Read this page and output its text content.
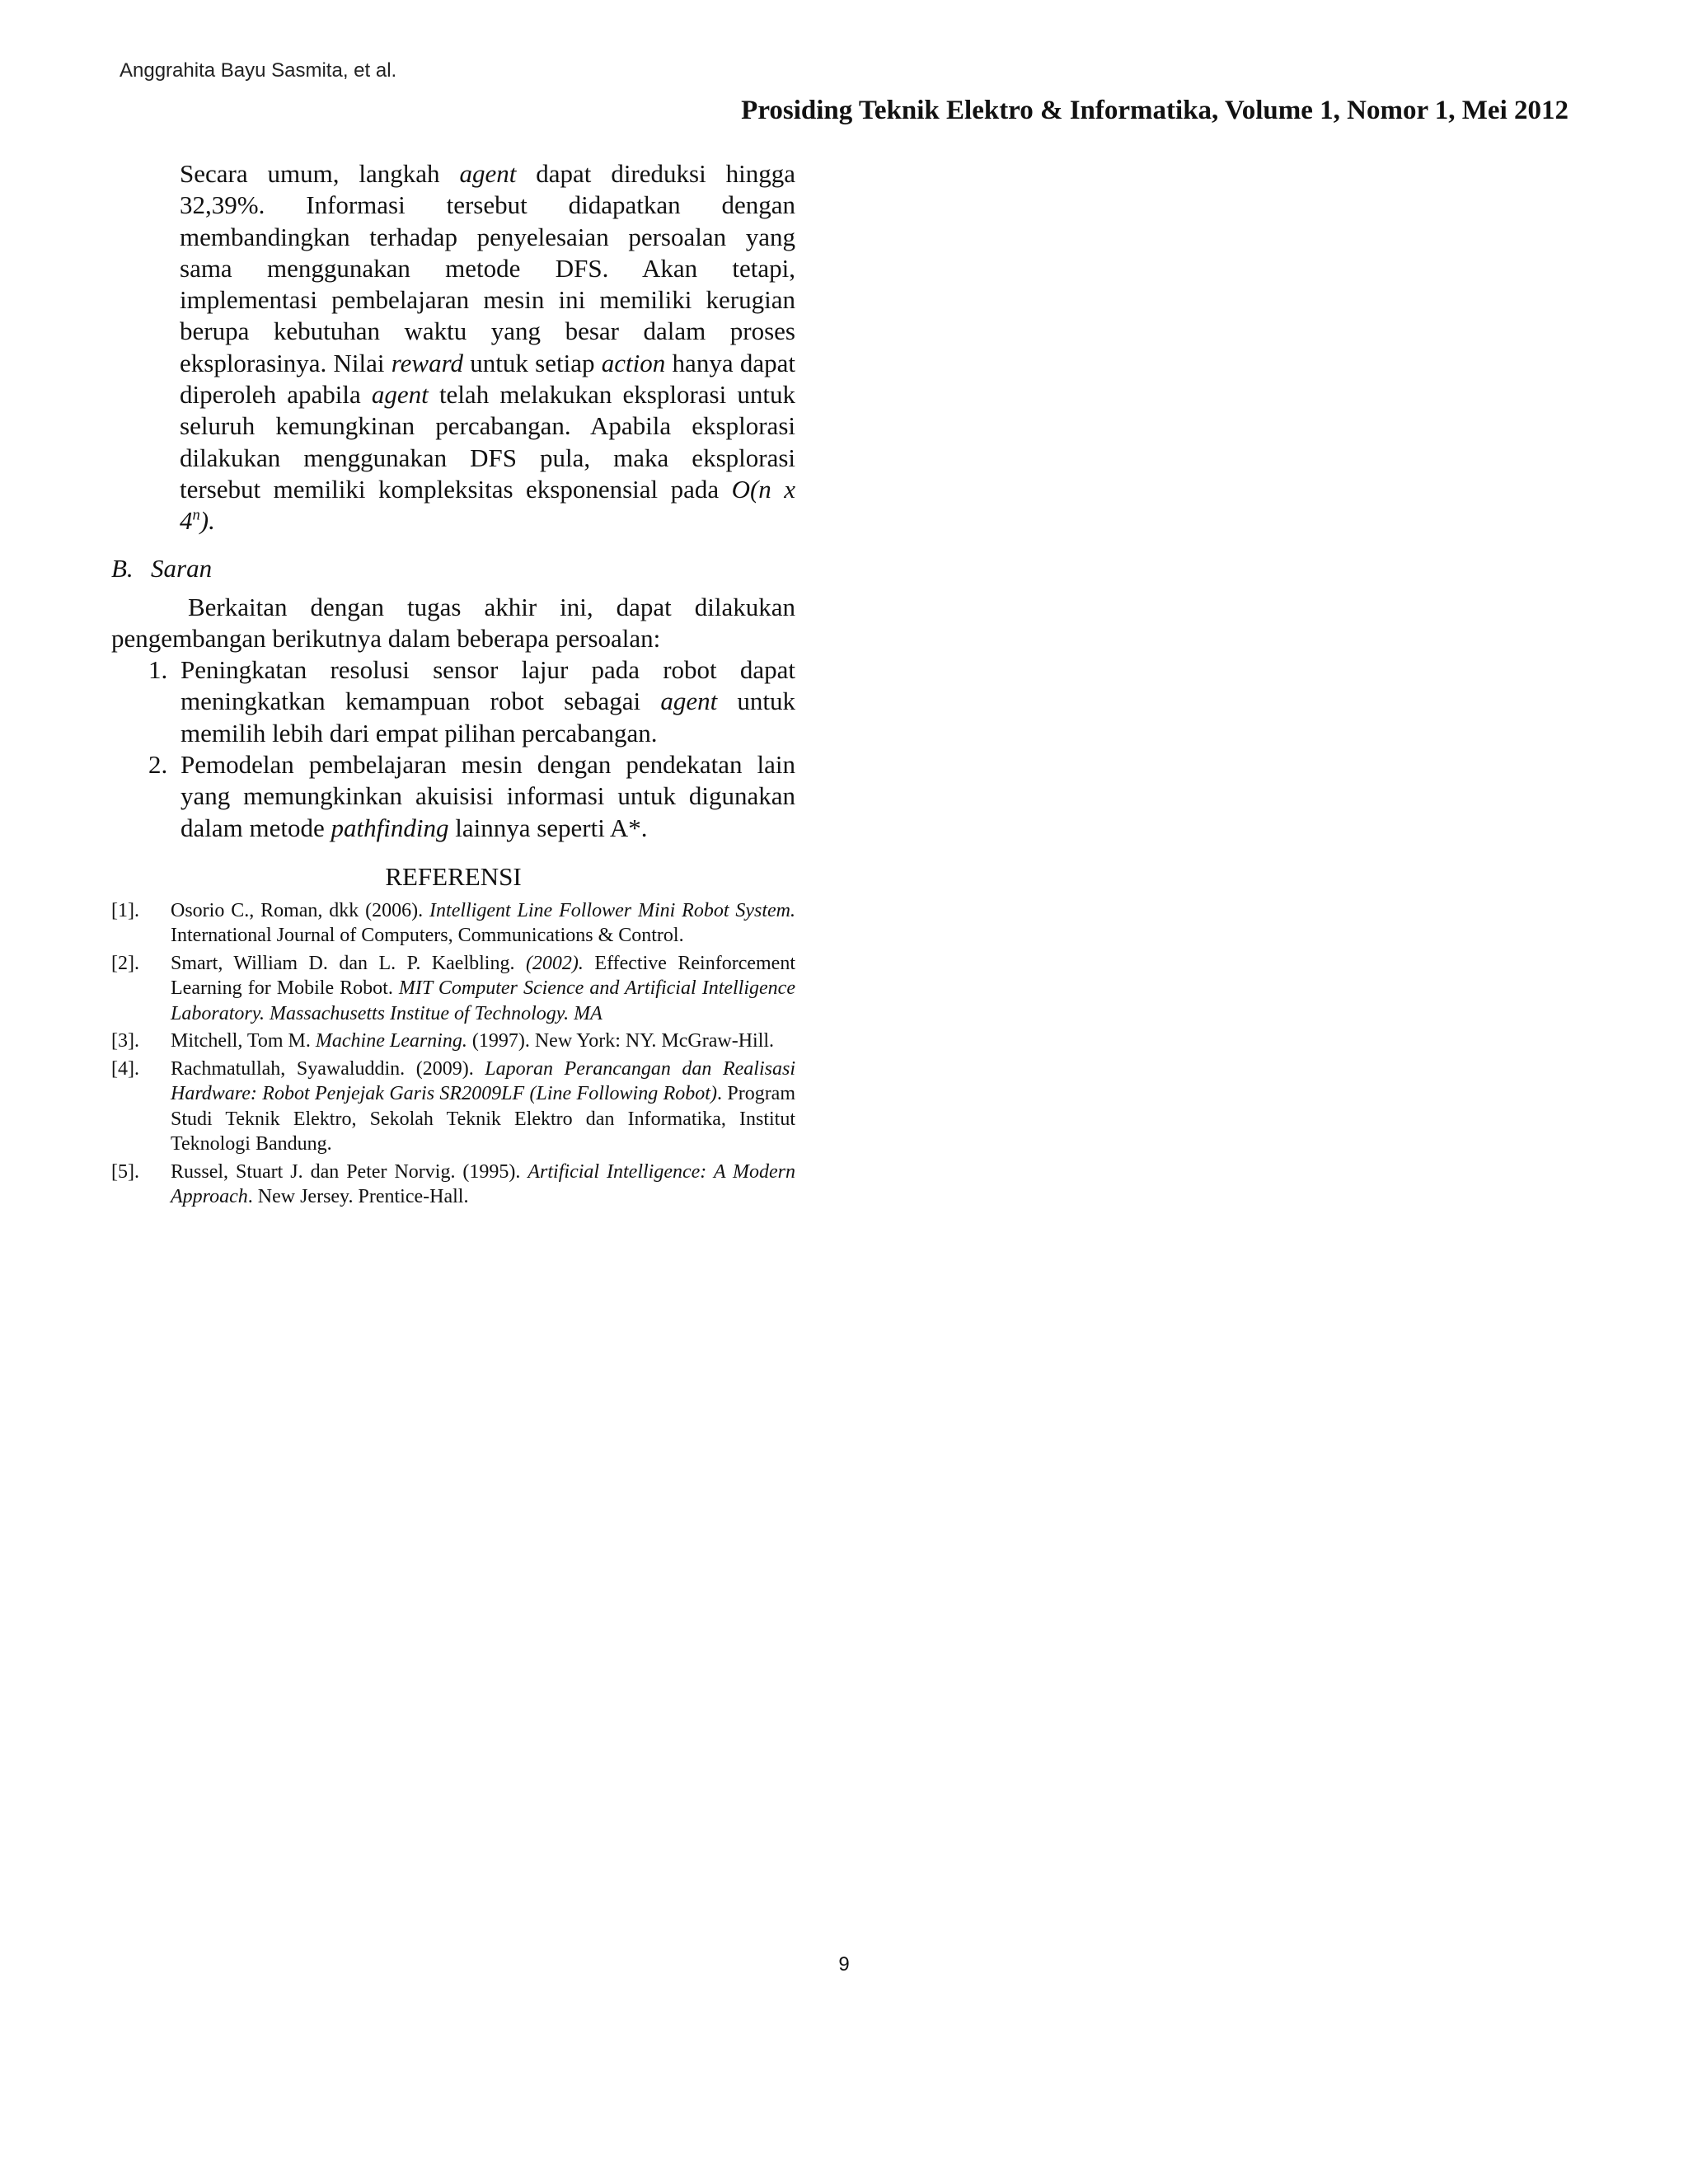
Anggrahita Bayu Sasmita, et al.
Prosiding Teknik Elektro & Informatika, Volume 1, Nomor 1, Mei 2012
Secara umum, langkah agent dapat direduksi hingga 32,39%. Informasi tersebut didapatkan dengan membandingkan terhadap penyelesaian persoalan yang sama menggunakan metode DFS. Akan tetapi, implementasi pembelajaran mesin ini memiliki kerugian berupa kebutuhan waktu yang besar dalam proses eksplorasinya. Nilai reward untuk setiap action hanya dapat diperoleh apabila agent telah melakukan eksplorasi untuk seluruh kemungkinan percabangan. Apabila eksplorasi dilakukan menggunakan DFS pula, maka eksplorasi tersebut memiliki kompleksitas eksponensial pada O(n x 4$^n$).

B. Saran

Berkaitan dengan tugas akhir ini, dapat dilakukan pengembangan berikutnya dalam beberapa persoalan:

1. Peningkatan resolusi sensor lajur pada robot dapat meningkatkan kemampuan robot sebagai agent untuk memilih lebih dari empat pilihan percabangan.
2. Pemodelan pembelajaran mesin dengan pendekatan lain yang memungkinkan akuisisi informasi untuk digunakan dalam metode pathfinding lainnya seperti A*.

REFERENSI

[1]. Osorio C., Roman, dkk (2006). Intelligent Line Follower Mini Robot System. International Journal of Computers, Communications & Control.
[2]. Smart, William D. dan L. P. Kaelbling. (2002). Effective Reinforcement Learning for Mobile Robot. MIT Computer Science and Artificial Intelligence Laboratory. Massachusetts Institue of Technology. MA
[3]. Mitchell, Tom M. Machine Learning. (1997). New York: NY. McGraw-Hill.
[4]. Rachmatullah, Syawaluddin. (2009). Laporan Perancangan dan Realisasi Hardware: Robot Penjejak Garis SR2009LF (Line Following Robot). Program Studi Teknik Elektro, Sekolah Teknik Elektro dan Informatika, Institut Teknologi Bandung.
[5]. Russel, Stuart J. dan Peter Norvig. (1995). Artificial Intelligence: A Modern Approach. New Jersey. Prentice-Hall.
9
